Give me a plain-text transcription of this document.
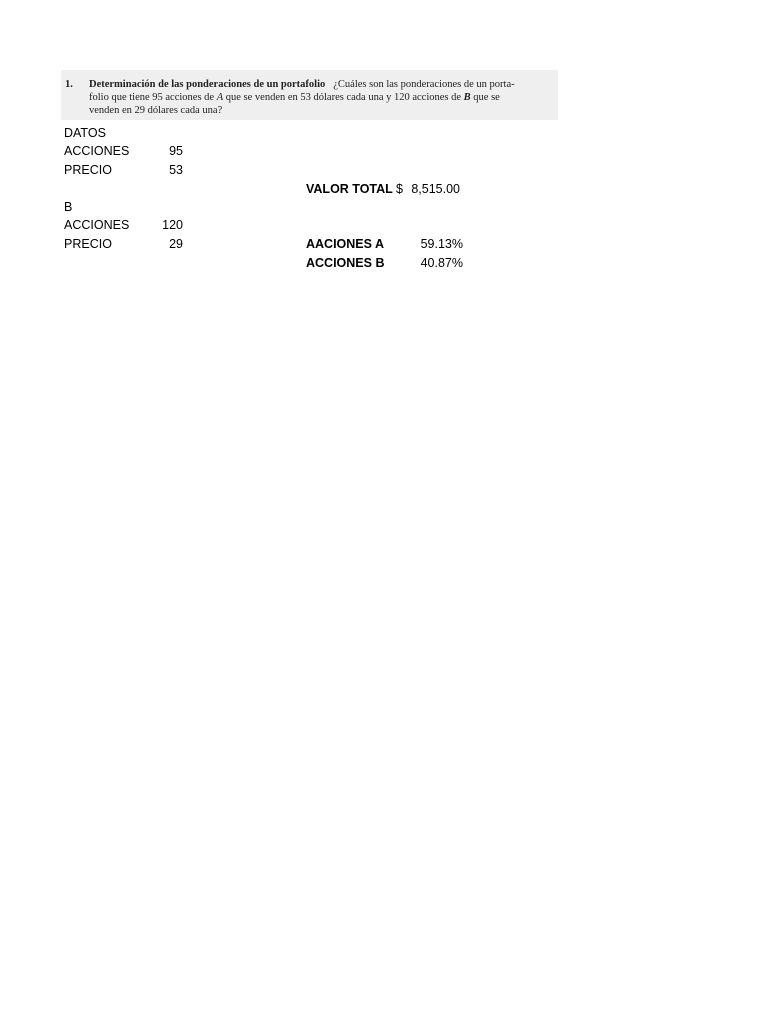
1. Determinación de las ponderaciones de un portafolio ¿Cuáles son las ponderaciones de un porta-
folio que tiene 95 acciones de A que se venden en 53 dólares cada una y 120 acciones de B que se
venden en 29 dólares cada una?
DATOS
ACCIONES	95
PRECIO	53
VALOR TOTAL $ 8,515.00
B
ACCIONES	120
PRECIO	29	AACIONES A	59.13%
ACCIONES B	40.87%
